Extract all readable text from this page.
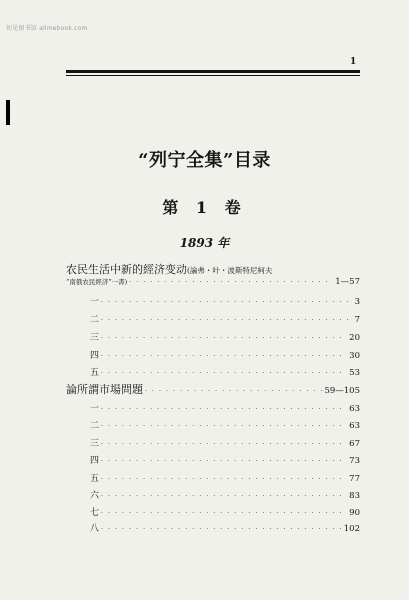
初见图书馆 allmebook.com
1
“列宁全集”目录
第 1 卷
1893 年
农民生活中新的經济变动(論弗・叶・波斯特尼柯夫
“南俄农民經济”一書) · · ·	1—57
一 · · ·	3
二 · · ·	7
三 · · ·	20
四 · · ·	30
五 · · ·	53
論所謂市場問題 · · ·	59—105
一 · · ·	63
二 · · ·	63
三 · · ·	67
四 · · ·	73
五 · · ·	77
六 · · ·	83
七 · · ·	90
八 · · ·	102
